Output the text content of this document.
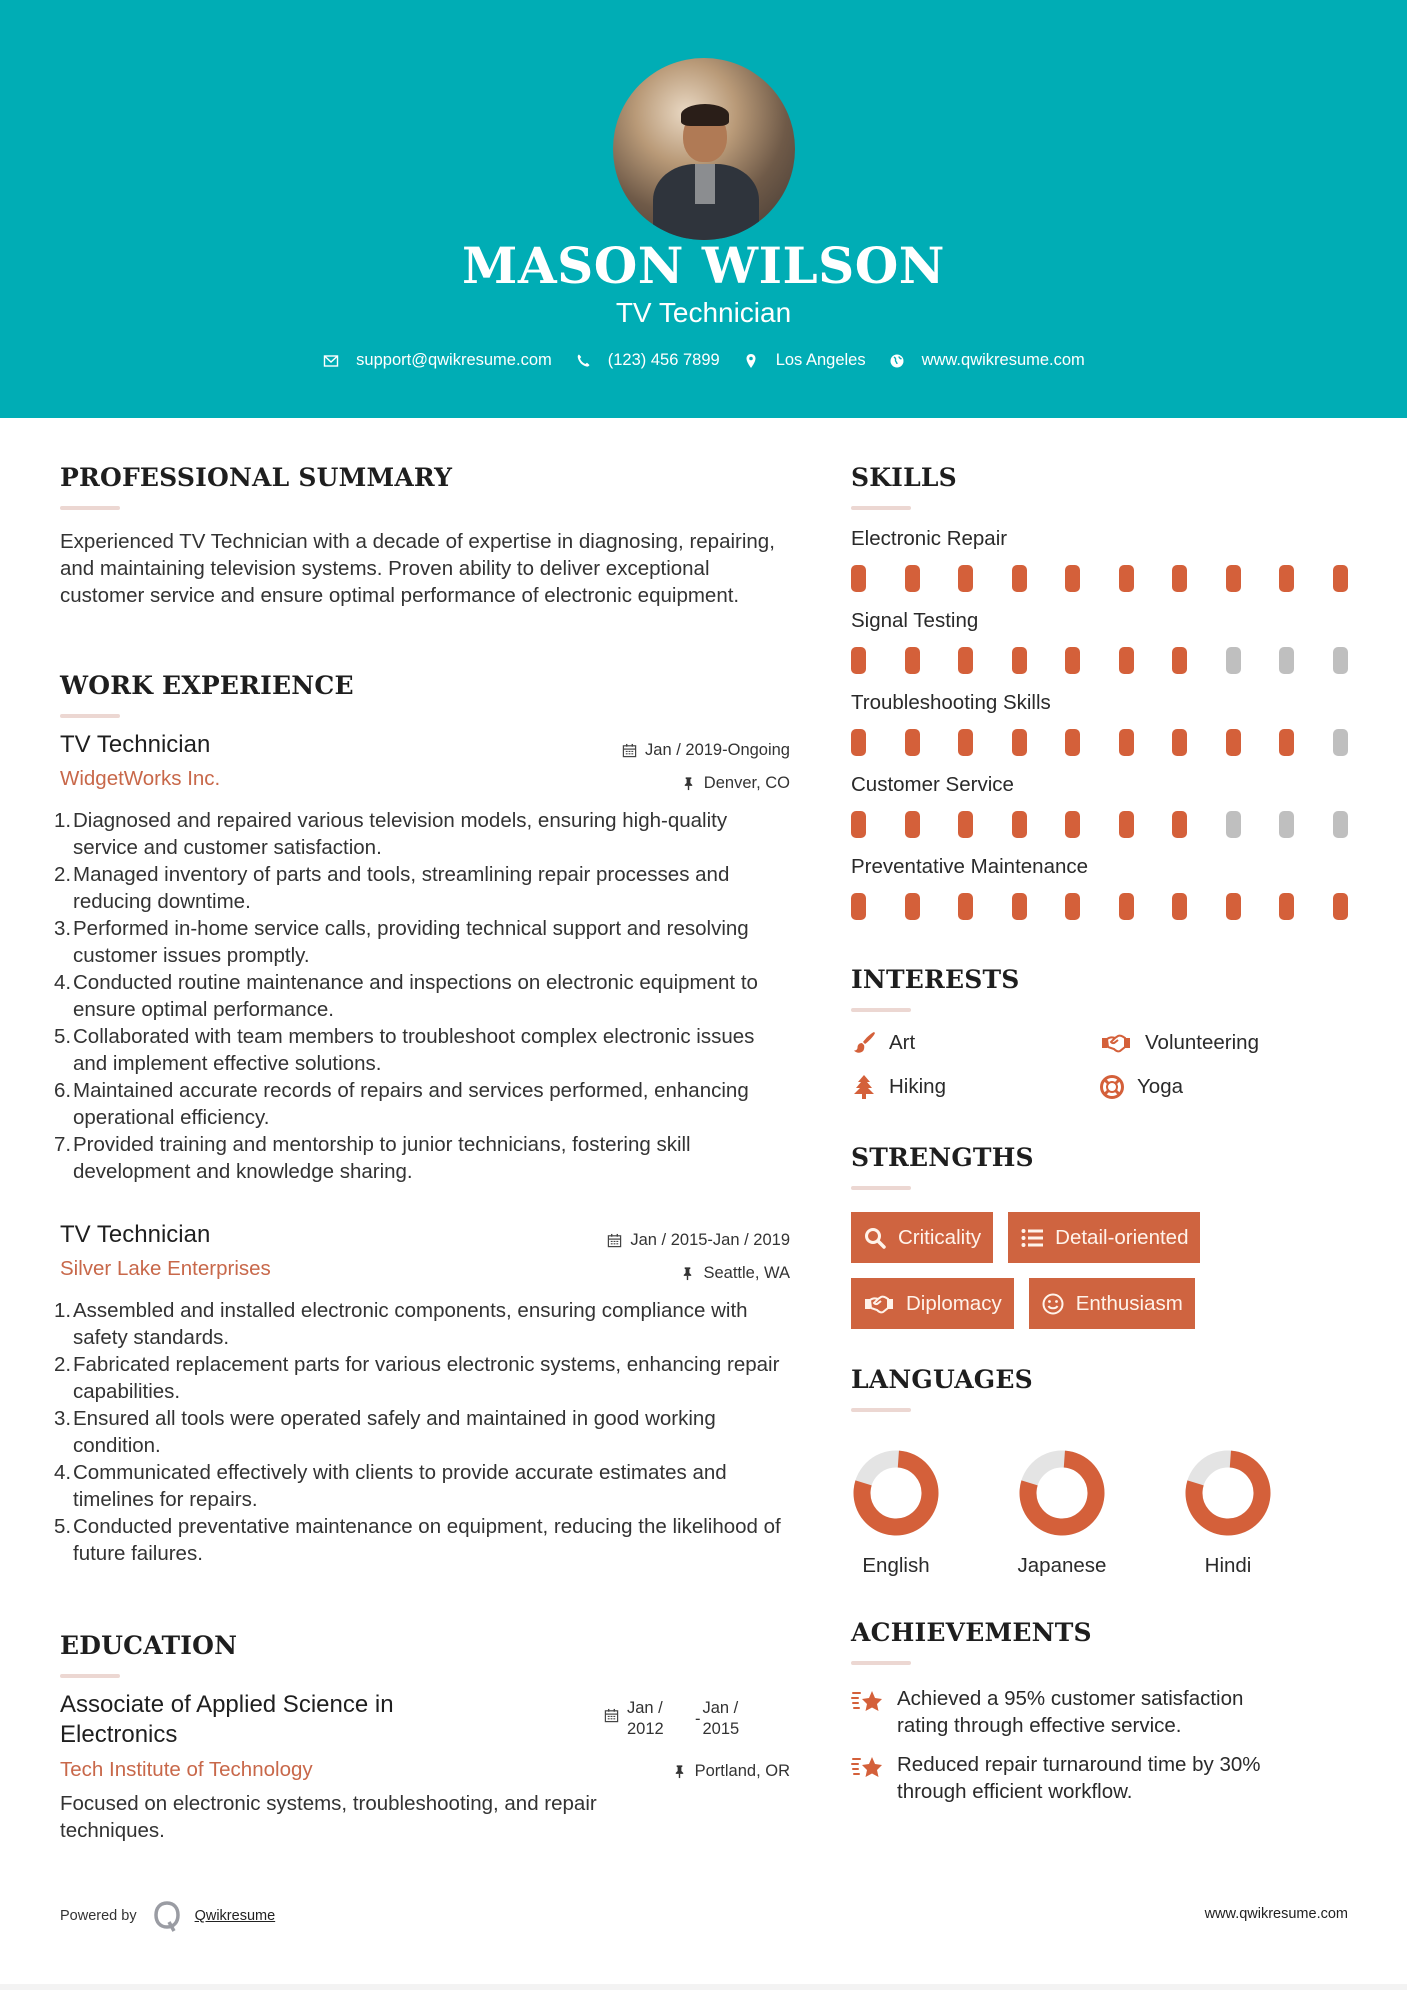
MASON WILSON
TV Technician
support@qwikresume.com	(123) 456 7899	Los Angeles	www.qwikresume.com
PROFESSIONAL SUMMARY
Experienced TV Technician with a decade of expertise in diagnosing, repairing, and maintaining television systems. Proven ability to deliver exceptional customer service and ensure optimal performance of electronic equipment.
WORK EXPERIENCE
TV Technician	Jan / 2019-Ongoing
WidgetWorks Inc.	Denver, CO
1. Diagnosed and repaired various television models, ensuring high-quality service and customer satisfaction.
2. Managed inventory of parts and tools, streamlining repair processes and reducing downtime.
3. Performed in-home service calls, providing technical support and resolving customer issues promptly.
4. Conducted routine maintenance and inspections on electronic equipment to ensure optimal performance.
5. Collaborated with team members to troubleshoot complex electronic issues and implement effective solutions.
6. Maintained accurate records of repairs and services performed, enhancing operational efficiency.
7. Provided training and mentorship to junior technicians, fostering skill development and knowledge sharing.
TV Technician	Jan / 2015-Jan / 2019
Silver Lake Enterprises	Seattle, WA
1. Assembled and installed electronic components, ensuring compliance with safety standards.
2. Fabricated replacement parts for various electronic systems, enhancing repair capabilities.
3. Ensured all tools were operated safely and maintained in good working condition.
4. Communicated effectively with clients to provide accurate estimates and timelines for repairs.
5. Conducted preventative maintenance on equipment, reducing the likelihood of future failures.
EDUCATION
Associate of Applied Science in
Electronics
Jan /
2012
-
Jan /
2015
Tech Institute of Technology	Portland, OR
Focused on electronic systems, troubleshooting, and repair techniques.
SKILLS
Electronic Repair
Signal Testing
Troubleshooting Skills
Customer Service
Preventative Maintenance
INTERESTS
Art	Volunteering
Hiking	Yoga
STRENGTHS
Criticality	Detail-oriented
Diplomacy	Enthusiasm
LANGUAGES
English	Japanese	Hindi
ACHIEVEMENTS
Achieved a 95% customer satisfaction
rating through effective service.
Reduced repair turnaround time by 30%
through efficient workflow.
Powered by	Qwikresume	www.qwikresume.com
